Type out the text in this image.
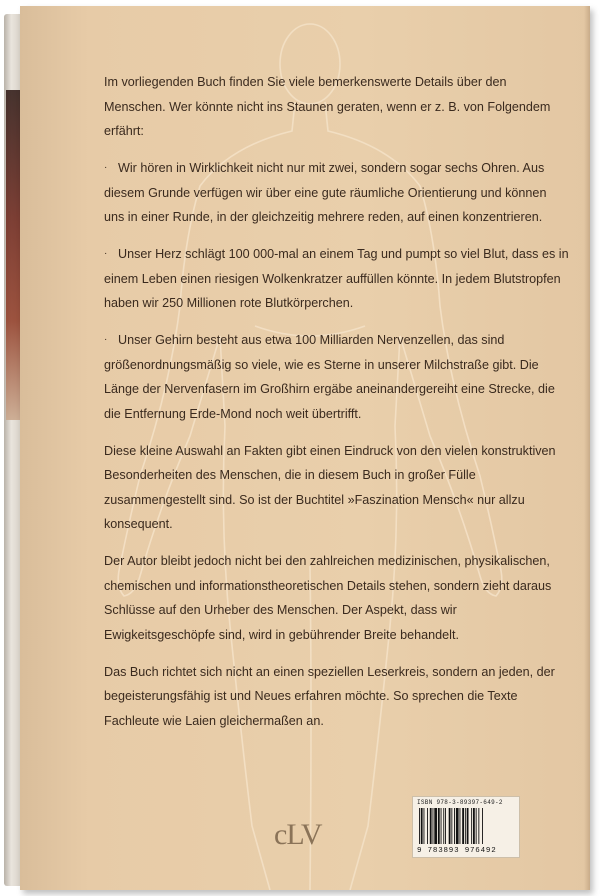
Im vorliegenden Buch finden Sie viele bemerkenswerte Details über den Menschen. Wer könnte nicht ins Staunen geraten, wenn er z. B. von Folgendem erfährt:

· Wir hören in Wirklichkeit nicht nur mit zwei, sondern sogar sechs Ohren. Aus diesem Grunde verfügen wir über eine gute räumliche Orientierung und können uns in einer Runde, in der gleichzeitig mehrere reden, auf einen konzentrieren.

· Unser Herz schlägt 100 000-mal an einem Tag und pumpt so viel Blut, dass es in einem Leben einen riesigen Wolkenkratzer auffüllen könnte. In jedem Blutstropfen haben wir 250 Millionen rote Blutkörperchen.

· Unser Gehirn besteht aus etwa 100 Milliarden Nervenzellen, das sind größenordnungsmäßig so viele, wie es Sterne in unserer Milchstraße gibt. Die Länge der Nervenfasern im Großhirn ergäbe aneinandergereiht eine Strecke, die die Entfernung Erde-Mond noch weit übertrifft.

Diese kleine Auswahl an Fakten gibt einen Eindruck von den vielen konstruktiven Besonderheiten des Menschen, die in diesem Buch in großer Fülle zusammengestellt sind. So ist der Buchtitel »Faszination Mensch« nur allzu konsequent.

Der Autor bleibt jedoch nicht bei den zahlreichen medizinischen, physikalischen, chemischen und informationstheoretischen Details stehen, sondern zieht daraus Schlüsse auf den Urheber des Menschen. Der Aspekt, dass wir Ewigkeitsgeschöpfe sind, wird in gebührender Breite behandelt.

Das Buch richtet sich nicht an einen speziellen Leserkreis, sondern an jeden, der begeisterungsfähig ist und Neues erfahren möchte. So sprechen die Texte Fachleute wie Laien gleichermaßen an.

cLV
ISBN 978-3-89397-649-2
9 783893 976492
